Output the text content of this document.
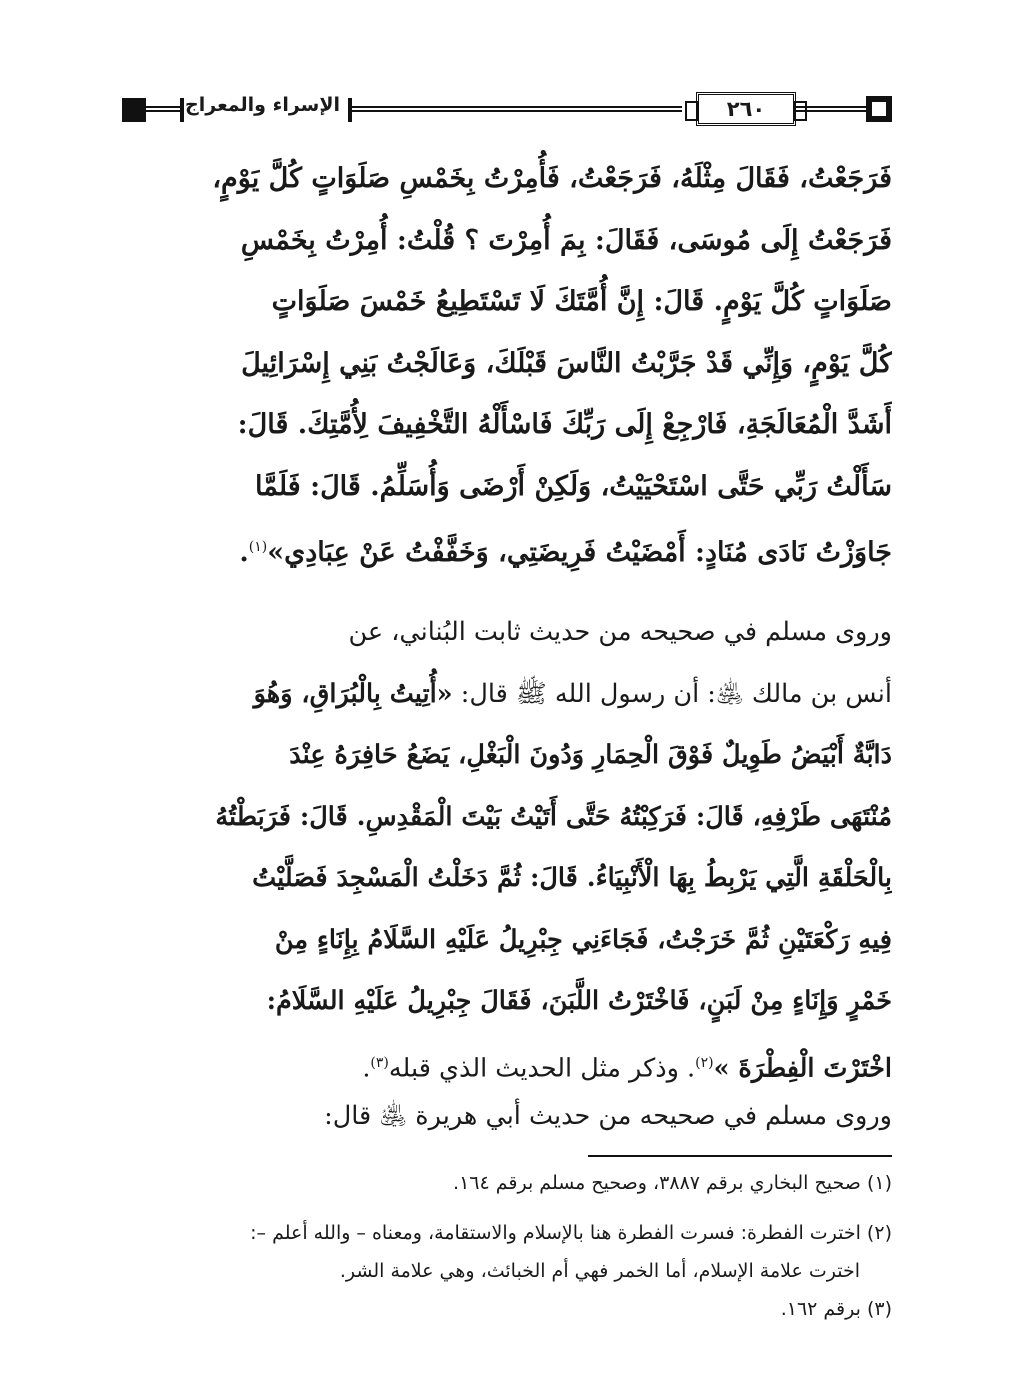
٢٦٠
الإسراء والمعراج
فَرَجَعْتُ، فَقَالَ مِثْلَهُ، فَرَجَعْتُ، فَأُمِرْتُ بِخَمْسِ صَلَوَاتٍ كُلَّ يَوْمٍ،
فَرَجَعْتُ إِلَى مُوسَى، فَقَالَ: بِمَ أُمِرْتَ ؟ قُلْتُ: أُمِرْتُ بِخَمْسِ
صَلَوَاتٍ كُلَّ يَوْمٍ. قَالَ: إِنَّ أُمَّتَكَ لَا تَسْتَطِيعُ خَمْسَ صَلَوَاتٍ
كُلَّ يَوْمٍ، وَإِنِّي قَدْ جَرَّبْتُ النَّاسَ قَبْلَكَ، وَعَالَجْتُ بَنِي إِسْرَائِيلَ
أَشَدَّ الْمُعَالَجَةِ، فَارْجِعْ إِلَى رَبِّكَ فَاسْأَلْهُ التَّخْفِيفَ لِأُمَّتِكَ. قَالَ:
سَأَلْتُ رَبِّي حَتَّى اسْتَحْيَيْتُ، وَلَكِنْ أَرْضَى وَأُسَلِّمُ. قَالَ: فَلَمَّا
جَاوَزْتُ نَادَى مُنَادٍ: أَمْضَيْتُ فَرِيضَتِي، وَخَفَّفْتُ عَنْ عِبَادِي»$^{(١)}$.
وروى مسلم في صحيحه من حديث ثابت البُناني، عن
أنس بن مالك ﵁: أن رسول الله ﷺ قال: «أُتِيتُ بِالْبُرَاقِ، وَهُوَ
دَابَّةٌ أَبْيَضُ طَوِيلٌ فَوْقَ الْحِمَارِ وَدُونَ الْبَغْلِ، يَضَعُ حَافِرَهُ عِنْدَ
مُنْتَهَى طَرْفِهِ، قَالَ: فَرَكِبْتُهُ حَتَّى أَتَيْتُ بَيْتَ الْمَقْدِسِ. قَالَ: فَرَبَطْتُهُ
بِالْحَلْقَةِ الَّتِي يَرْبِطُ بِهَا الْأَنْبِيَاءُ. قَالَ: ثُمَّ دَخَلْتُ الْمَسْجِدَ فَصَلَّيْتُ
فِيهِ رَكْعَتَيْنِ ثُمَّ خَرَجْتُ، فَجَاءَنِي جِبْرِيلُ عَلَيْهِ السَّلَامُ بِإِنَاءٍ مِنْ
خَمْرٍ وَإِنَاءٍ مِنْ لَبَنٍ، فَاخْتَرْتُ اللَّبَنَ، فَقَالَ جِبْرِيلُ عَلَيْهِ السَّلَامُ:
اخْتَرْتَ الْفِطْرَةَ »$^{(٢)}$. وذكر مثل الحديث الذي قبله$^{(٣)}$.
وروى مسلم في صحيحه من حديث أبي هريرة ﵁ قال:

(١) صحيح البخاري برقم ٣٨٨٧، وصحيح مسلم برقم ١٦٤.

(٢) اخترت الفطرة: فسرت الفطرة هنا بالإسلام والاستقامة، ومعناه – والله أعلم –:

اخترت علامة الإسلام، أما الخمر فهي أم الخبائث، وهي علامة الشر.

(٣) برقم ١٦٢.
